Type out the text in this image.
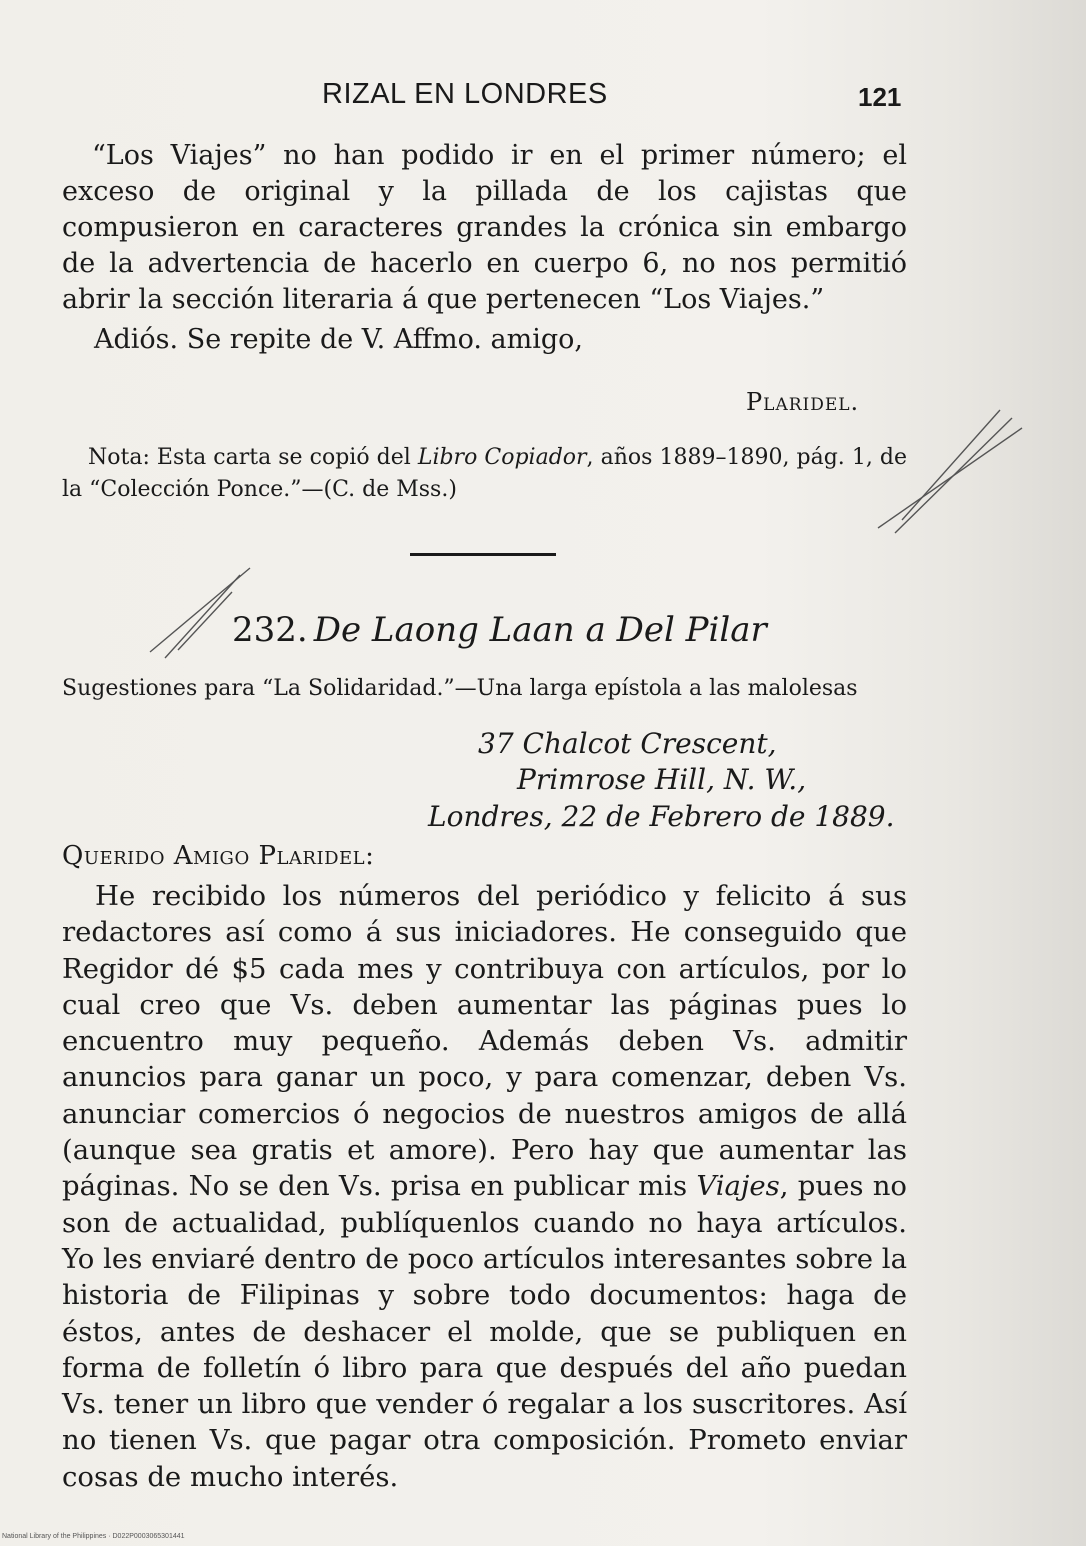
RIZAL EN LONDRES	121

“Los Viajes” no han podido ir en el primer número; el exceso de original y la pillada de los cajistas que compusieron en caracteres grandes la crónica sin embargo de la advertencia de hacerlo en cuerpo 6, no nos permitió abrir la sección literaria á que pertenecen “Los Viajes.”

Adiós. Se repite de V. Affmo. amigo,
Plaridel.
Nota: Esta carta se copió del Libro Copiador, años 1889–1890, pág. 1, de la “Colección Ponce.”—(C. de Mss.)
232. De Laong Laan a Del Pilar
Sugestiones para “La Solidaridad.”—Una larga epístola a las malolesas
37 Chalcot Crescent,
Primrose Hill, N. W.,
Londres, 22 de Febrero de 1889.
Querido Amigo Plaridel:

He recibido los números del periódico y felicito á sus redactores así como á sus iniciadores. He conseguido que Regidor dé $5 cada mes y contribuya con artículos, por lo cual creo que Vs. deben aumentar las páginas pues lo encuentro muy pequeño. Además deben Vs. admitir anuncios para ganar un poco, y para comenzar, deben Vs. anunciar comercios ó negocios de nuestros amigos de allá (aunque sea gratis et amore). Pero hay que aumentar las páginas. No se den Vs. prisa en publicar mis Viajes, pues no son de actualidad, publíquenlos cuando no haya artículos. Yo les enviaré dentro de poco artículos interesantes sobre la historia de Filipinas y sobre todo documentos: haga de éstos, antes de deshacer el molde, que se publiquen en forma de folletín ó libro para que después del año puedan Vs. tener un libro que vender ó regalar a los suscritores. Así no tienen Vs. que pagar otra composición. Prometo enviar cosas de mucho interés.

National Library of the Philippines · D022P0003065301441
